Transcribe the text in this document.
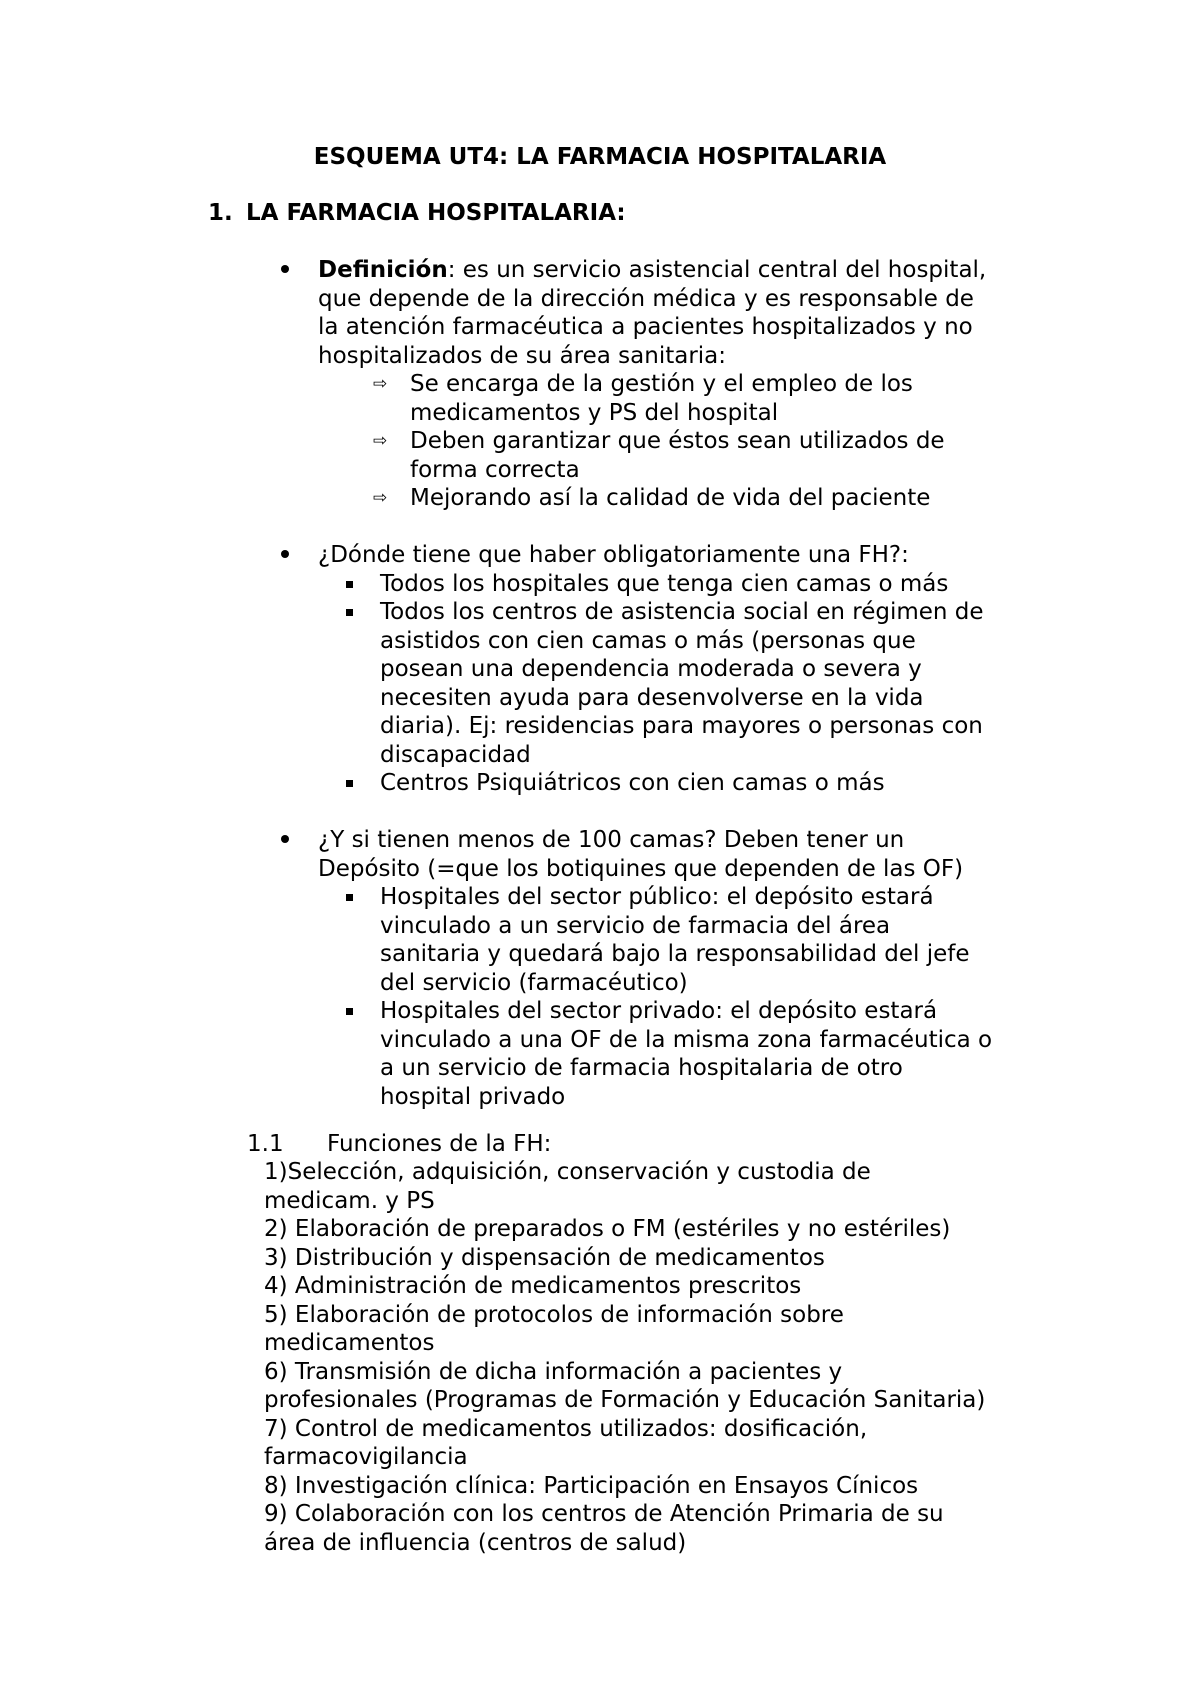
ESQUEMA UT4: LA FARMACIA HOSPITALARIA
1. LA FARMACIA HOSPITALARIA:
Definición: es un servicio asistencial central del hospital,
que depende de la dirección médica y es responsable de
la atención farmacéutica a pacientes hospitalizados y no
hospitalizados de su área sanitaria:
⇨ Se encarga de la gestión y el empleo de los
medicamentos y PS del hospital
⇨ Deben garantizar que éstos sean utilizados de
forma correcta
⇨ Mejorando así la calidad de vida del paciente
¿Dónde tiene que haber obligatoriamente una FH?:
Todos los hospitales que tenga cien camas o más
Todos los centros de asistencia social en régimen de
asistidos con cien camas o más (personas que
posean una dependencia moderada o severa y
necesiten ayuda para desenvolverse en la vida
diaria). Ej: residencias para mayores o personas con
discapacidad
Centros Psiquiátricos con cien camas o más
¿Y si tienen menos de 100 camas? Deben tener un
Depósito (=que los botiquines que dependen de las OF)
Hospitales del sector público: el depósito estará
vinculado a un servicio de farmacia del área
sanitaria y quedará bajo la responsabilidad del jefe
del servicio (farmacéutico)
Hospitales del sector privado: el depósito estará
vinculado a una OF de la misma zona farmacéutica o
a un servicio de farmacia hospitalaria de otro
hospital privado
1.1 Funciones de la FH:
1)Selección, adquisición, conservación y custodia de
medicam. y PS
2) Elaboración de preparados o FM (estériles y no estériles)
3) Distribución y dispensación de medicamentos
4) Administración de medicamentos prescritos
5) Elaboración de protocolos de información sobre
medicamentos
6) Transmisión de dicha información a pacientes y
profesionales (Programas de Formación y Educación Sanitaria)
7) Control de medicamentos utilizados: dosificación,
farmacovigilancia
8) Investigación clínica: Participación en Ensayos Cínicos
9) Colaboración con los centros de Atención Primaria de su
área de influencia (centros de salud)
